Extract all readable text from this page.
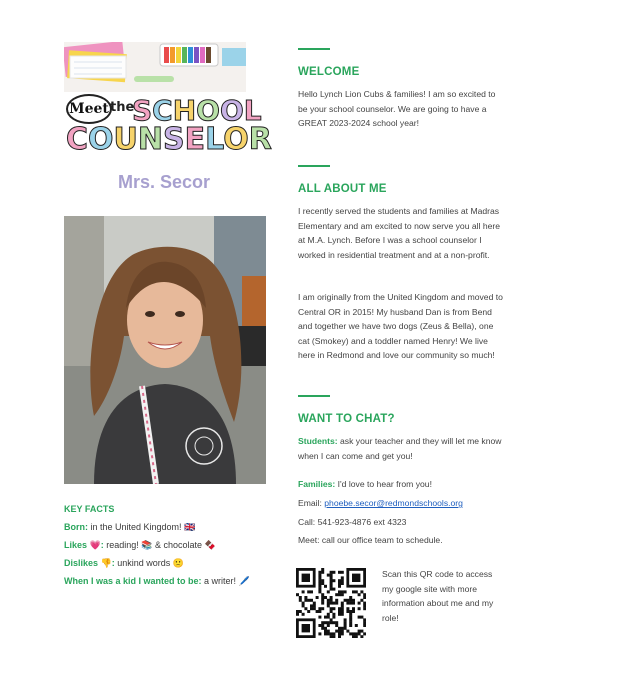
Meet the
SCHOOL
COUNSELOR
Mrs. Secor
KEY FACTS
Born: in the United Kingdom! 🇬🇧
Likes 💗: reading! 📚 & chocolate 🍫
Dislikes 👎: unkind words 🙁
When I was a kid I wanted to be: a writer! 🖊️
WELCOME
Hello Lynch Lion Cubs & families! I am so excited to be your school counselor. We are going to have a GREAT 2023-2024 school year!
ALL ABOUT ME
I recently served the students and families at Madras Elementary and am excited to now serve you all here at M.A. Lynch. Before I was a school counselor I worked in residential treatment and at a non-profit.
I am originally from the United Kingdom and moved to Central OR in 2015! My husband Dan is from Bend and together we have two dogs (Zeus & Bella), one cat (Smokey) and a toddler named Henry! We live here in Redmond and love our community so much!
WANT TO CHAT?
Students: ask your teacher and they will let me know when I can come and get you!
Families: I'd love to hear from you!
Email: phoebe.secor@redmondschools.org
Call: 541-923-4876 ext 4323
Meet: call our office team to schedule.
Scan this QR code to access my google site with more information about me and my role!
